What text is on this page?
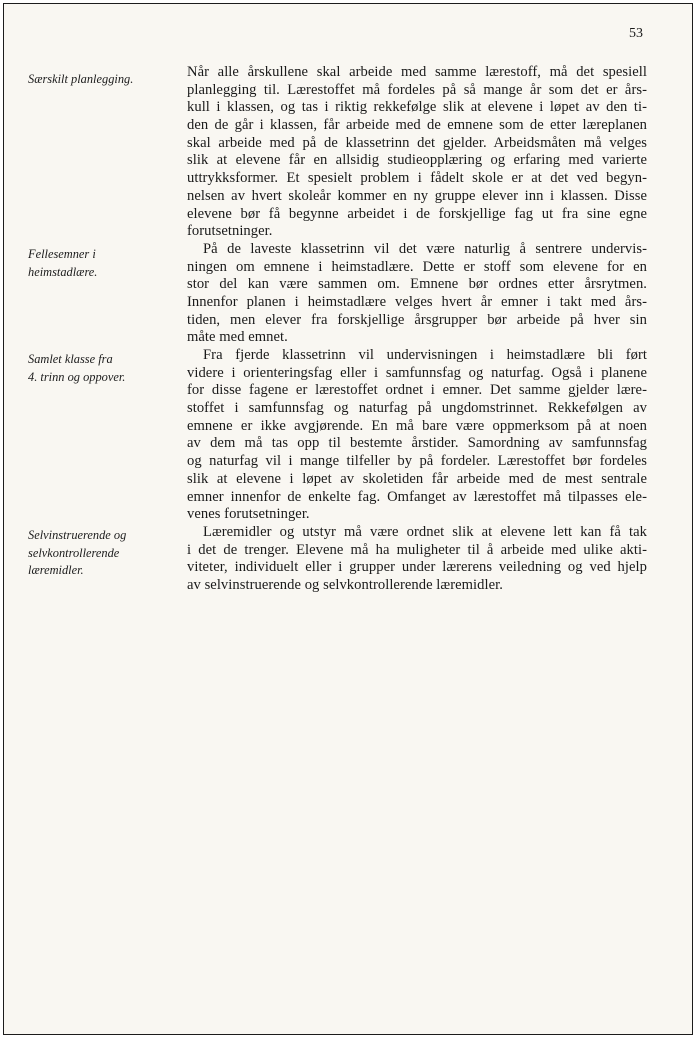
53
Særskilt planlegging.
Fellesemner i
heimstadlære.
Samlet klasse fra
4. trinn og oppover.
Selvinstruerende og
selvkontrollerende
læremidler.
Når alle årskullene skal arbeide med samme lærestoff, må det spesiell
planlegging til. Lærestoffet må fordeles på så mange år som det er års-
kull i klassen, og tas i riktig rekkefølge slik at elevene i løpet av den ti-
den de går i klassen, får arbeide med de emnene som de etter læreplanen
skal arbeide med på de klassetrinn det gjelder. Arbeidsmåten må velges
slik at elevene får en allsidig studieopplæring og erfaring med varierte
uttrykksformer. Et spesielt problem i fådelt skole er at det ved begyn-
nelsen av hvert skoleår kommer en ny gruppe elever inn i klassen. Disse
elevene bør få begynne arbeidet i de forskjellige fag ut fra sine egne
forutsetninger.
På de laveste klassetrinn vil det være naturlig å sentrere undervis-
ningen om emnene i heimstadlære. Dette er stoff som elevene for en
stor del kan være sammen om. Emnene bør ordnes etter årsrytmen.
Innenfor planen i heimstadlære velges hvert år emner i takt med års-
tiden, men elever fra forskjellige årsgrupper bør arbeide på hver sin
måte med emnet.
Fra fjerde klassetrinn vil undervisningen i heimstadlære bli ført
videre i orienteringsfag eller i samfunnsfag og naturfag. Også i planene
for disse fagene er lærestoffet ordnet i emner. Det samme gjelder lære-
stoffet i samfunnsfag og naturfag på ungdomstrinnet. Rekkefølgen av
emnene er ikke avgjørende. En må bare være oppmerksom på at noen
av dem må tas opp til bestemte årstider. Samordning av samfunnsfag
og naturfag vil i mange tilfeller by på fordeler. Lærestoffet bør fordeles
slik at elevene i løpet av skoletiden får arbeide med de mest sentrale
emner innenfor de enkelte fag. Omfanget av lærestoffet må tilpasses ele-
venes forutsetninger.
Læremidler og utstyr må være ordnet slik at elevene lett kan få tak
i det de trenger. Elevene må ha muligheter til å arbeide med ulike akti-
viteter, individuelt eller i grupper under lærerens veiledning og ved hjelp
av selvinstruerende og selvkontrollerende læremidler.
